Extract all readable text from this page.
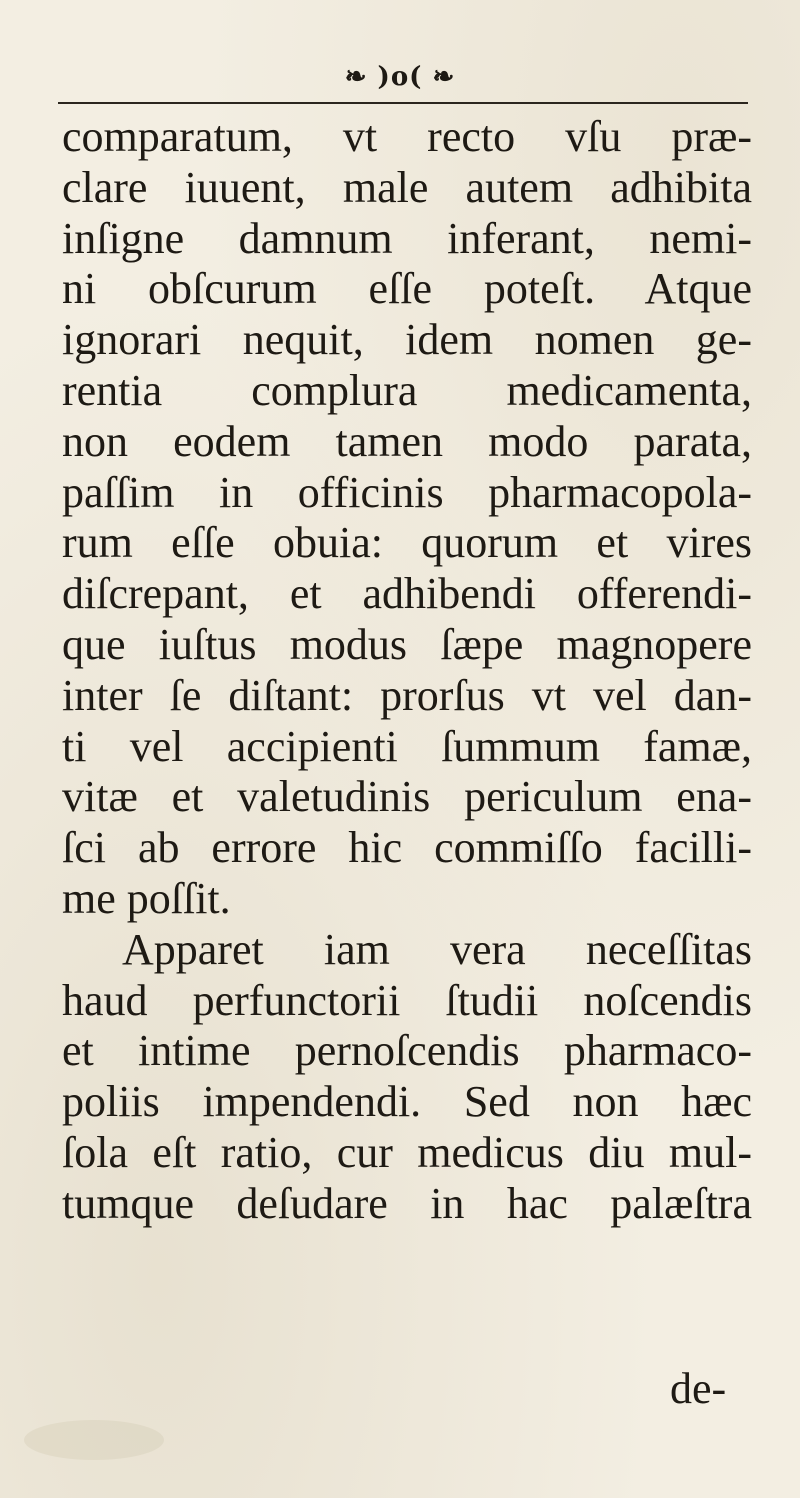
❧ )o( ❧
comparatum, vt recto vſu præ-
clare iuuent, male autem adhibita
inſigne damnum inferant, nemi-
ni obſcurum eſſe poteſt. Atque
ignorari nequit, idem nomen ge-
rentia complura medicamenta,
non eodem tamen modo parata,
paſſim in officinis pharmacopola-
rum eſſe obuia: quorum et vires
diſcrepant, et adhibendi offerendi-
que iuſtus modus ſæpe magnopere
inter ſe diſtant: prorſus vt vel dan-
ti vel accipienti ſummum famæ,
vitæ et valetudinis periculum ena-
ſci ab errore hic commiſſo facilli-
me poſſit.
Apparet iam vera neceſſitas
haud perfunctorii ſtudii noſcendis
et intime pernoſcendis pharmaco-
poliis impendendi. Sed non hæc
ſola eſt ratio, cur medicus diu mul-
tumque deſudare in hac palæſtra
de-
